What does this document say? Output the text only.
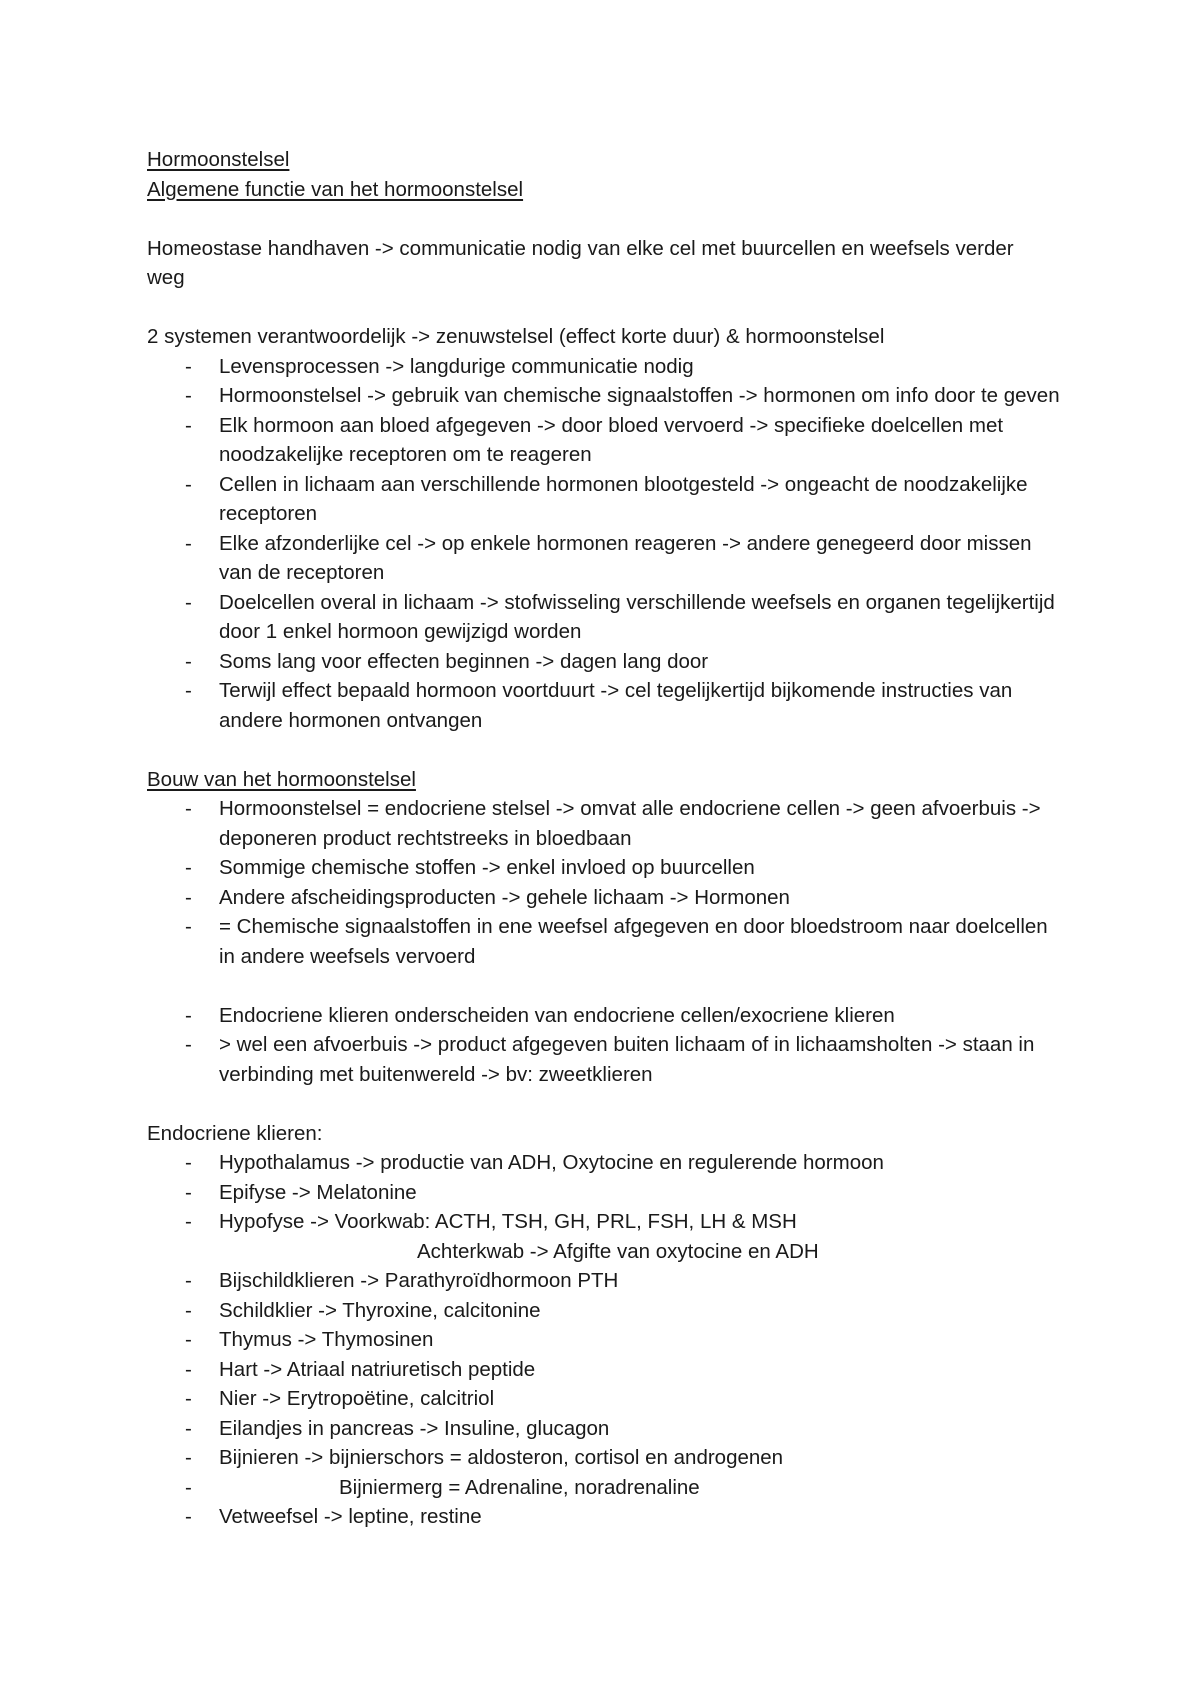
Hormoonstelsel
Algemene functie van het hormoonstelsel
Homeostase handhaven -> communicatie nodig van elke cel met buurcellen en weefsels verder weg
2 systemen verantwoordelijk -> zenuwstelsel (effect korte duur) & hormoonstelsel
- Levensprocessen -> langdurige communicatie nodig
- Hormoonstelsel -> gebruik van chemische signaalstoffen -> hormonen om info door te geven
- Elk hormoon aan bloed afgegeven -> door bloed vervoerd -> specifieke doelcellen met noodzakelijke receptoren om te reageren
- Cellen in lichaam aan verschillende hormonen blootgesteld -> ongeacht de noodzakelijke receptoren
- Elke afzonderlijke cel -> op enkele hormonen reageren -> andere genegeerd door missen van de receptoren
- Doelcellen overal in lichaam -> stofwisseling verschillende weefsels en organen tegelijkertijd door 1 enkel hormoon gewijzigd worden
- Soms lang voor effecten beginnen -> dagen lang door
- Terwijl effect bepaald hormoon voortduurt -> cel tegelijkertijd bijkomende instructies van andere hormonen ontvangen
Bouw van het hormoonstelsel
- Hormoonstelsel = endocriene stelsel -> omvat alle endocriene cellen -> geen afvoerbuis -> deponeren product rechtstreeks in bloedbaan
- Sommige chemische stoffen -> enkel invloed op buurcellen
- Andere afscheidingsproducten -> gehele lichaam -> Hormonen
- = Chemische signaalstoffen in ene weefsel afgegeven en door bloedstroom naar doelcellen in andere weefsels vervoerd
- Endocriene klieren onderscheiden van endocriene cellen/exocriene klieren
- > wel een afvoerbuis -> product afgegeven buiten lichaam of in lichaamsholten -> staan in verbinding met buitenwereld -> bv: zweetklieren
Endocriene klieren:
- Hypothalamus -> productie van ADH, Oxytocine en regulerende hormoon
- Epifyse -> Melatonine
- Hypofyse -> Voorkwab: ACTH, TSH, GH, PRL, FSH, LH & MSH
Achterkwab -> Afgifte van oxytocine en ADH
- Bijschildklieren -> Parathyroïdhormoon PTH
- Schildklier -> Thyroxine, calcitonine
- Thymus -> Thymosinen
- Hart -> Atriaal natriuretisch peptide
- Nier -> Erytropoëtine, calcitriol
- Eilandjes in pancreas -> Insuline, glucagon
- Bijnieren -> bijnierschors = aldosteron, cortisol en androgenen
-	Bijniermerg = Adrenaline, noradrenaline
- Vetweefsel -> leptine, restine
